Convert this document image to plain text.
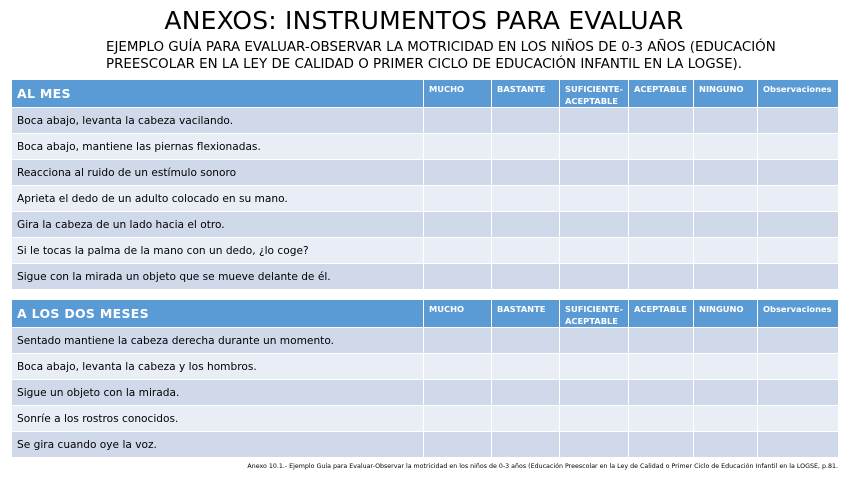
ANEXOS: INSTRUMENTOS PARA EVALUAR
EJEMPLO GUÍA PARA EVALUAR-OBSERVAR LA MOTRICIDAD EN LOS NIÑOS DE 0-3 AÑOS (EDUCACIÓN PREESCOLAR EN LA LEY DE CALIDAD O PRIMER CICLO DE EDUCACIÓN INFANTIL EN LA LOGSE).
AL MES	MUCHO	BASTANTE	SUFICIENTE-ACEPTABLE	ACEPTABLE	NINGUNO	Observaciones
Boca abajo, levanta la cabeza vacilando.						
Boca abajo, mantiene las piernas flexionadas.						
Reacciona al ruido de un estímulo sonoro						
Aprieta el dedo de un adulto colocado en su mano.						
Gira la cabeza de un lado hacia el otro.						
Si le tocas la palma de la mano con un dedo, ¿lo coge?						
Sigue con la mirada un objeto que se mueve delante de él.						
A LOS DOS MESES	MUCHO	BASTANTE	SUFICIENTE-ACEPTABLE	ACEPTABLE	NINGUNO	Observaciones
Sentado mantiene la cabeza derecha durante un momento.						
Boca abajo, levanta la cabeza y los hombros.						
Sigue un objeto con la mirada.						
Sonríe a los rostros conocidos.						
Se gira cuando oye la voz.						
Anexo 10.1.- Ejemplo Guía para Evaluar-Observar la motricidad en los niños de 0-3 años (Educación Preescolar en la Ley de Calidad o Primer Ciclo de Educación Infantil en la LOGSE, p.81.
